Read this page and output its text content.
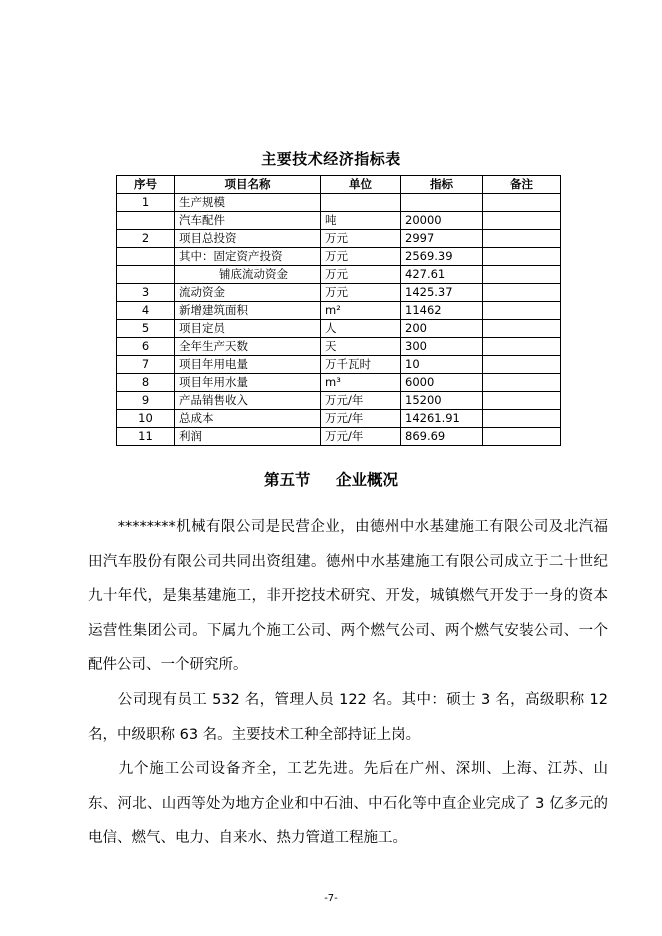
主要技术经济指标表
序号	项目名称	单位	指标	备注
1	生产规模			
	汽车配件	吨	20000	
2	项目总投资	万元	2997	
	其中：固定资产投资	万元	2569.39	
	铺底流动资金	万元	427.61	
3	流动资金	万元	1425.37	
4	新增建筑面积	m²	11462	
5	项目定员	人	200	
6	全年生产天数	天	300	
7	项目年用电量	万千瓦时	10	
8	项目年用水量	m³	6000	
9	产品销售收入	万元/年	15200	
10	总成本	万元/年	14261.91	
11	利润	万元/年	869.69	
第五节 企业概况
　　********机械有限公司是民营企业，由德州中水基建施工有限公司及北汽福田汽车股份有限公司共同出资组建。德州中水基建施工有限公司成立于二十世纪九十年代，是集基建施工，非开挖技术研究、开发，城镇燃气开发于一身的资本运营性集团公司。下属九个施工公司、两个燃气公司、两个燃气安装公司、一个配件公司、一个研究所。
　　公司现有员工 532 名，管理人员 122 名。其中：硕士 3 名，高级职称 12 名，中级职称 63 名。主要技术工种全部持证上岗。
　　九个施工公司设备齐全，工艺先进。先后在广州、深圳、上海、江苏、山东、河北、山西等处为地方企业和中石油、中石化等中直企业完成了 3 亿多元的电信、燃气、电力、自来水、热力管道工程施工。
-7-
